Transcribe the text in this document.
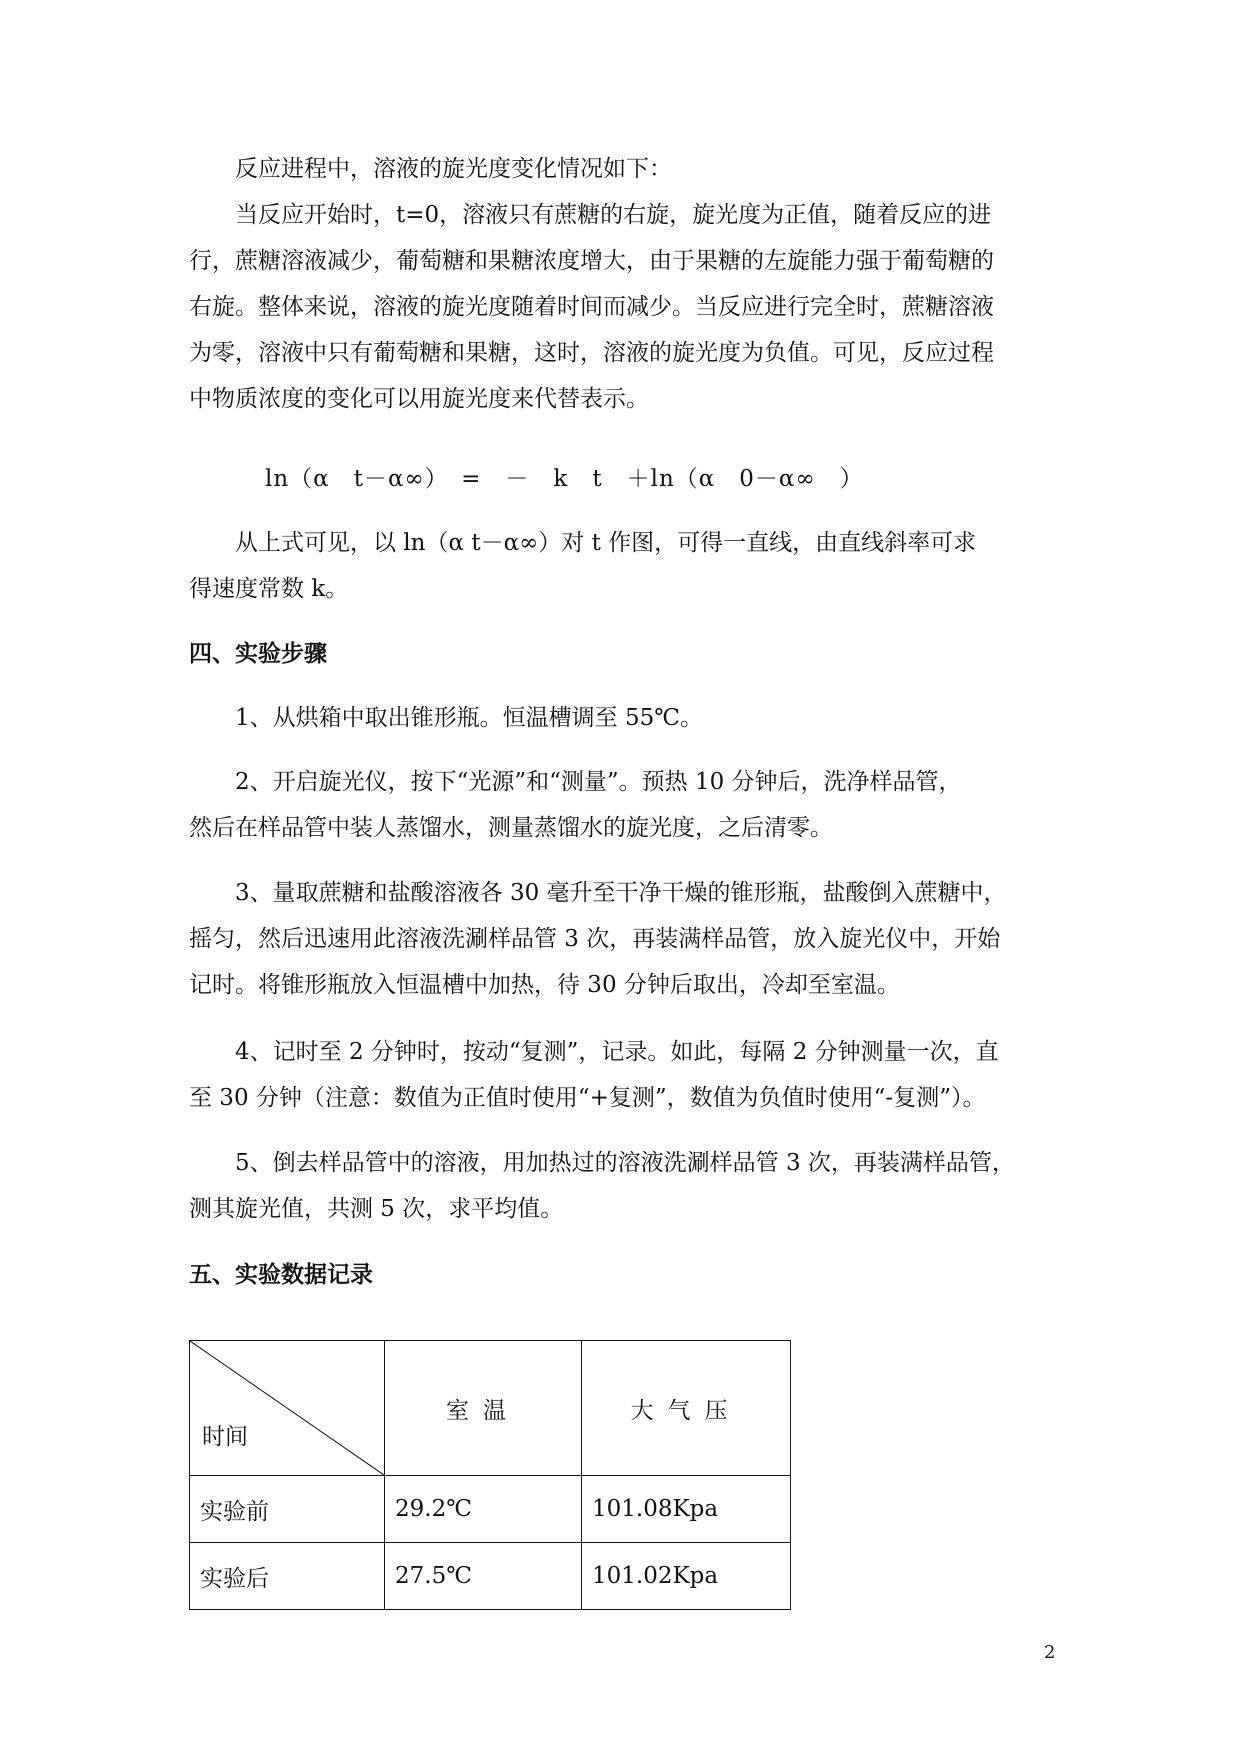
反应进程中，溶液的旋光度变化情况如下：

当反应开始时，t=0，溶液只有蔗糖的右旋，旋光度为正值，随着反应的进
行，蔗糖溶液减少，葡萄糖和果糖浓度增大，由于果糖的左旋能力强于葡萄糖的
右旋。整体来说，溶液的旋光度随着时间而减少。当反应进行完全时，蔗糖溶液
为零，溶液中只有葡萄糖和果糖，这时，溶液的旋光度为负值。可见，反应过程
中物质浓度的变化可以用旋光度来代替表示。

ln（α　t－α∞）　=　－　k　t　＋ln（α　0－α∞　）

从上式可见，以 ln（α t－α∞）对 t 作图，可得一直线，由直线斜率可求
得速度常数 k。

四、实验步骤

1、从烘箱中取出锥形瓶。恒温槽调至 55℃。

2、开启旋光仪，按下“光源”和“测量”。预热 10 分钟后，洗净样品管，
然后在样品管中装人蒸馏水，测量蒸馏水的旋光度，之后清零。

3、量取蔗糖和盐酸溶液各 30 毫升至干净干燥的锥形瓶，盐酸倒入蔗糖中，
摇匀，然后迅速用此溶液洗涮样品管 3 次，再装满样品管，放入旋光仪中，开始
记时。将锥形瓶放入恒温槽中加热，待 30 分钟后取出，冷却至室温。

4、记时至 2 分钟时，按动“复测”，记录。如此，每隔 2 分钟测量一次，直
至 30 分钟（注意：数值为正值时使用“+复测”，数值为负值时使用“-复测”）。

5、倒去样品管中的溶液，用加热过的溶液洗涮样品管 3 次，再装满样品管，
测其旋光值，共测 5 次，求平均值。

五、实验数据记录
时间	室温	大气压
实验前	29.2℃	101.08Kpa
实验后	27.5℃	101.02Kpa
2
